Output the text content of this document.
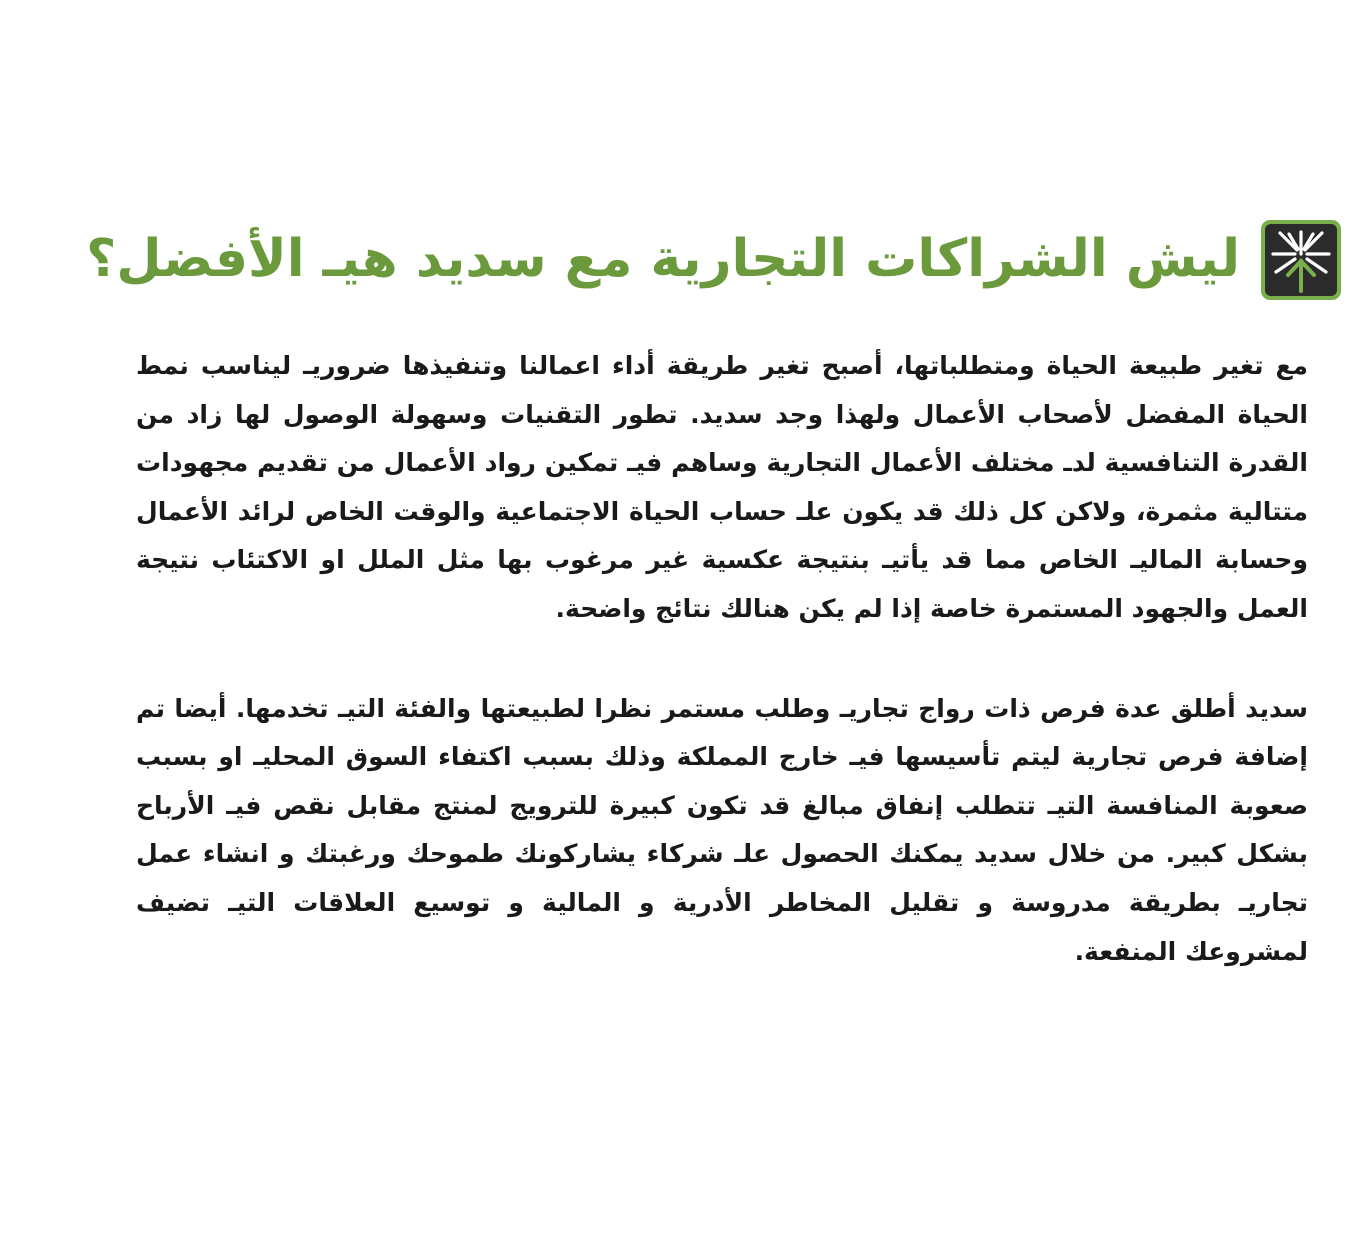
ليش الشراكات التجارية مع سديد هيـ الأفضل؟

مع تغير طبيعة الحياة ومتطلباتها، أصبح تغير طريقة أداء اعمالنا وتنفيذها ضروريـ ليناسب نمط الحياة المفضل لأصحاب الأعمال ولهذا وجد سديد. تطور التقنيات وسهولة الوصول لها زاد من القدرة التنافسية لدـ مختلف الأعمال التجارية وساهم فيـ تمكين رواد الأعمال من تقديم مجهودات متتالية مثمرة، ولاكن كل ذلك قد يكون علـ حساب الحياة الاجتماعية والوقت الخاص لرائد الأعمال وحسابة الماليـ الخاص مما قد يأتيـ بنتيجة عكسية غير مرغوب بها مثل الملل او الاكتئاب نتيجة العمل والجهود المستمرة خاصة إذا لم يكن هنالك نتائج واضحة.

سديد أطلق عدة فرص ذات رواج تجاريـ وطلب مستمر نظرا لطبيعتها والفئة التيـ تخدمها. أيضا تم إضافة فرص تجارية ليتم تأسيسها فيـ خارج المملكة وذلك بسبب اكتفاء السوق المحليـ او بسبب صعوبة المنافسة التيـ تتطلب إنفاق مبالغ قد تكون كبيرة للترويج لمنتج مقابل نقص فيـ الأرباح بشكل كبير. من خلال سديد يمكنك الحصول علـ شركاء يشاركونك طموحك ورغبتك و انشاء عمل تجاريـ بطريقة مدروسة و تقليل المخاطر الأدرية و المالية و توسيع العلاقات التيـ تضيف لمشروعك المنفعة.
